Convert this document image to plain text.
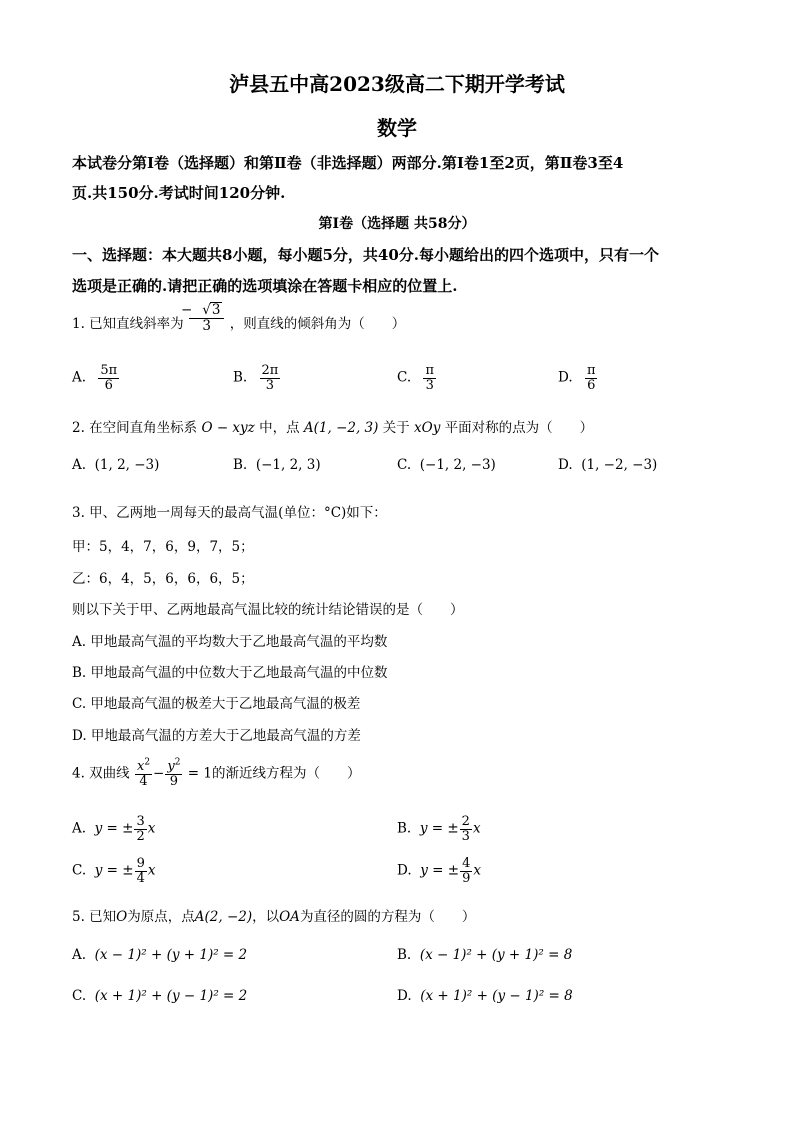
泸县五中高2023级高二下期开学考试
数学
本试卷分第Ⅰ卷（选择题）和第Ⅱ卷（非选择题）两部分.第Ⅰ卷1至2页，第Ⅱ卷3至4
页.共150分.考试时间120分钟.
第Ⅰ卷（选择题 共58分）
一、选择题：本大题共8小题，每小题5分，共40分.每小题给出的四个选项中，只有一个
选项是正确的.请把正确的选项填涂在答题卡相应的位置上.
1. 已知直线斜率为 $\frac{- √3}{3}$ ，则直线的倾斜角为（　　）
A. $\frac{5\pi}{6}$	B. $\frac{2\pi}{3}$	C. $\frac{\pi}{3}$	D. $\frac{\pi}{6}$
2. 在空间直角坐标系 O − xyz 中，点 A(1, −2, 3) 关于 xOy 平面对称的点为（　　）
A. (1, 2, −3)	B. (−1, 2, 3)	C. (−1, 2, −3)	D. (1, −2, −3)
3. 甲、乙两地一周每天的最高气温(单位：°C)如下：
甲：5，4，7，6，9，7，5；
乙：6，4，5，6，6，6，5；
则以下关于甲、乙两地最高气温比较的统计结论错误的是（　　）
A. 甲地最高气温的平均数大于乙地最高气温的平均数
B. 甲地最高气温的中位数大于乙地最高气温的中位数
C. 甲地最高气温的极差大于乙地最高气温的极差
D. 甲地最高气温的方差大于乙地最高气温的方差
4. 双曲线 $\frac{x^2}{4} - \frac{y^2}{9} = 1$的渐近线方程为（　　）
A. y = ± $\frac{3}{2}$ x	B. y = ± $\frac{2}{3}$ x
C. y = ± $\frac{9}{4}$ x	D. y = ± $\frac{4}{9}$ x
5. 已知O为原点，点A(2, −2)，以OA为直径的圆的方程为（　　）
A. (x − 1)² + (y + 1)² = 2	B. (x − 1)² + (y + 1)² = 8
C. (x + 1)² + (y − 1)² = 2	D. (x + 1)² + (y − 1)² = 8
